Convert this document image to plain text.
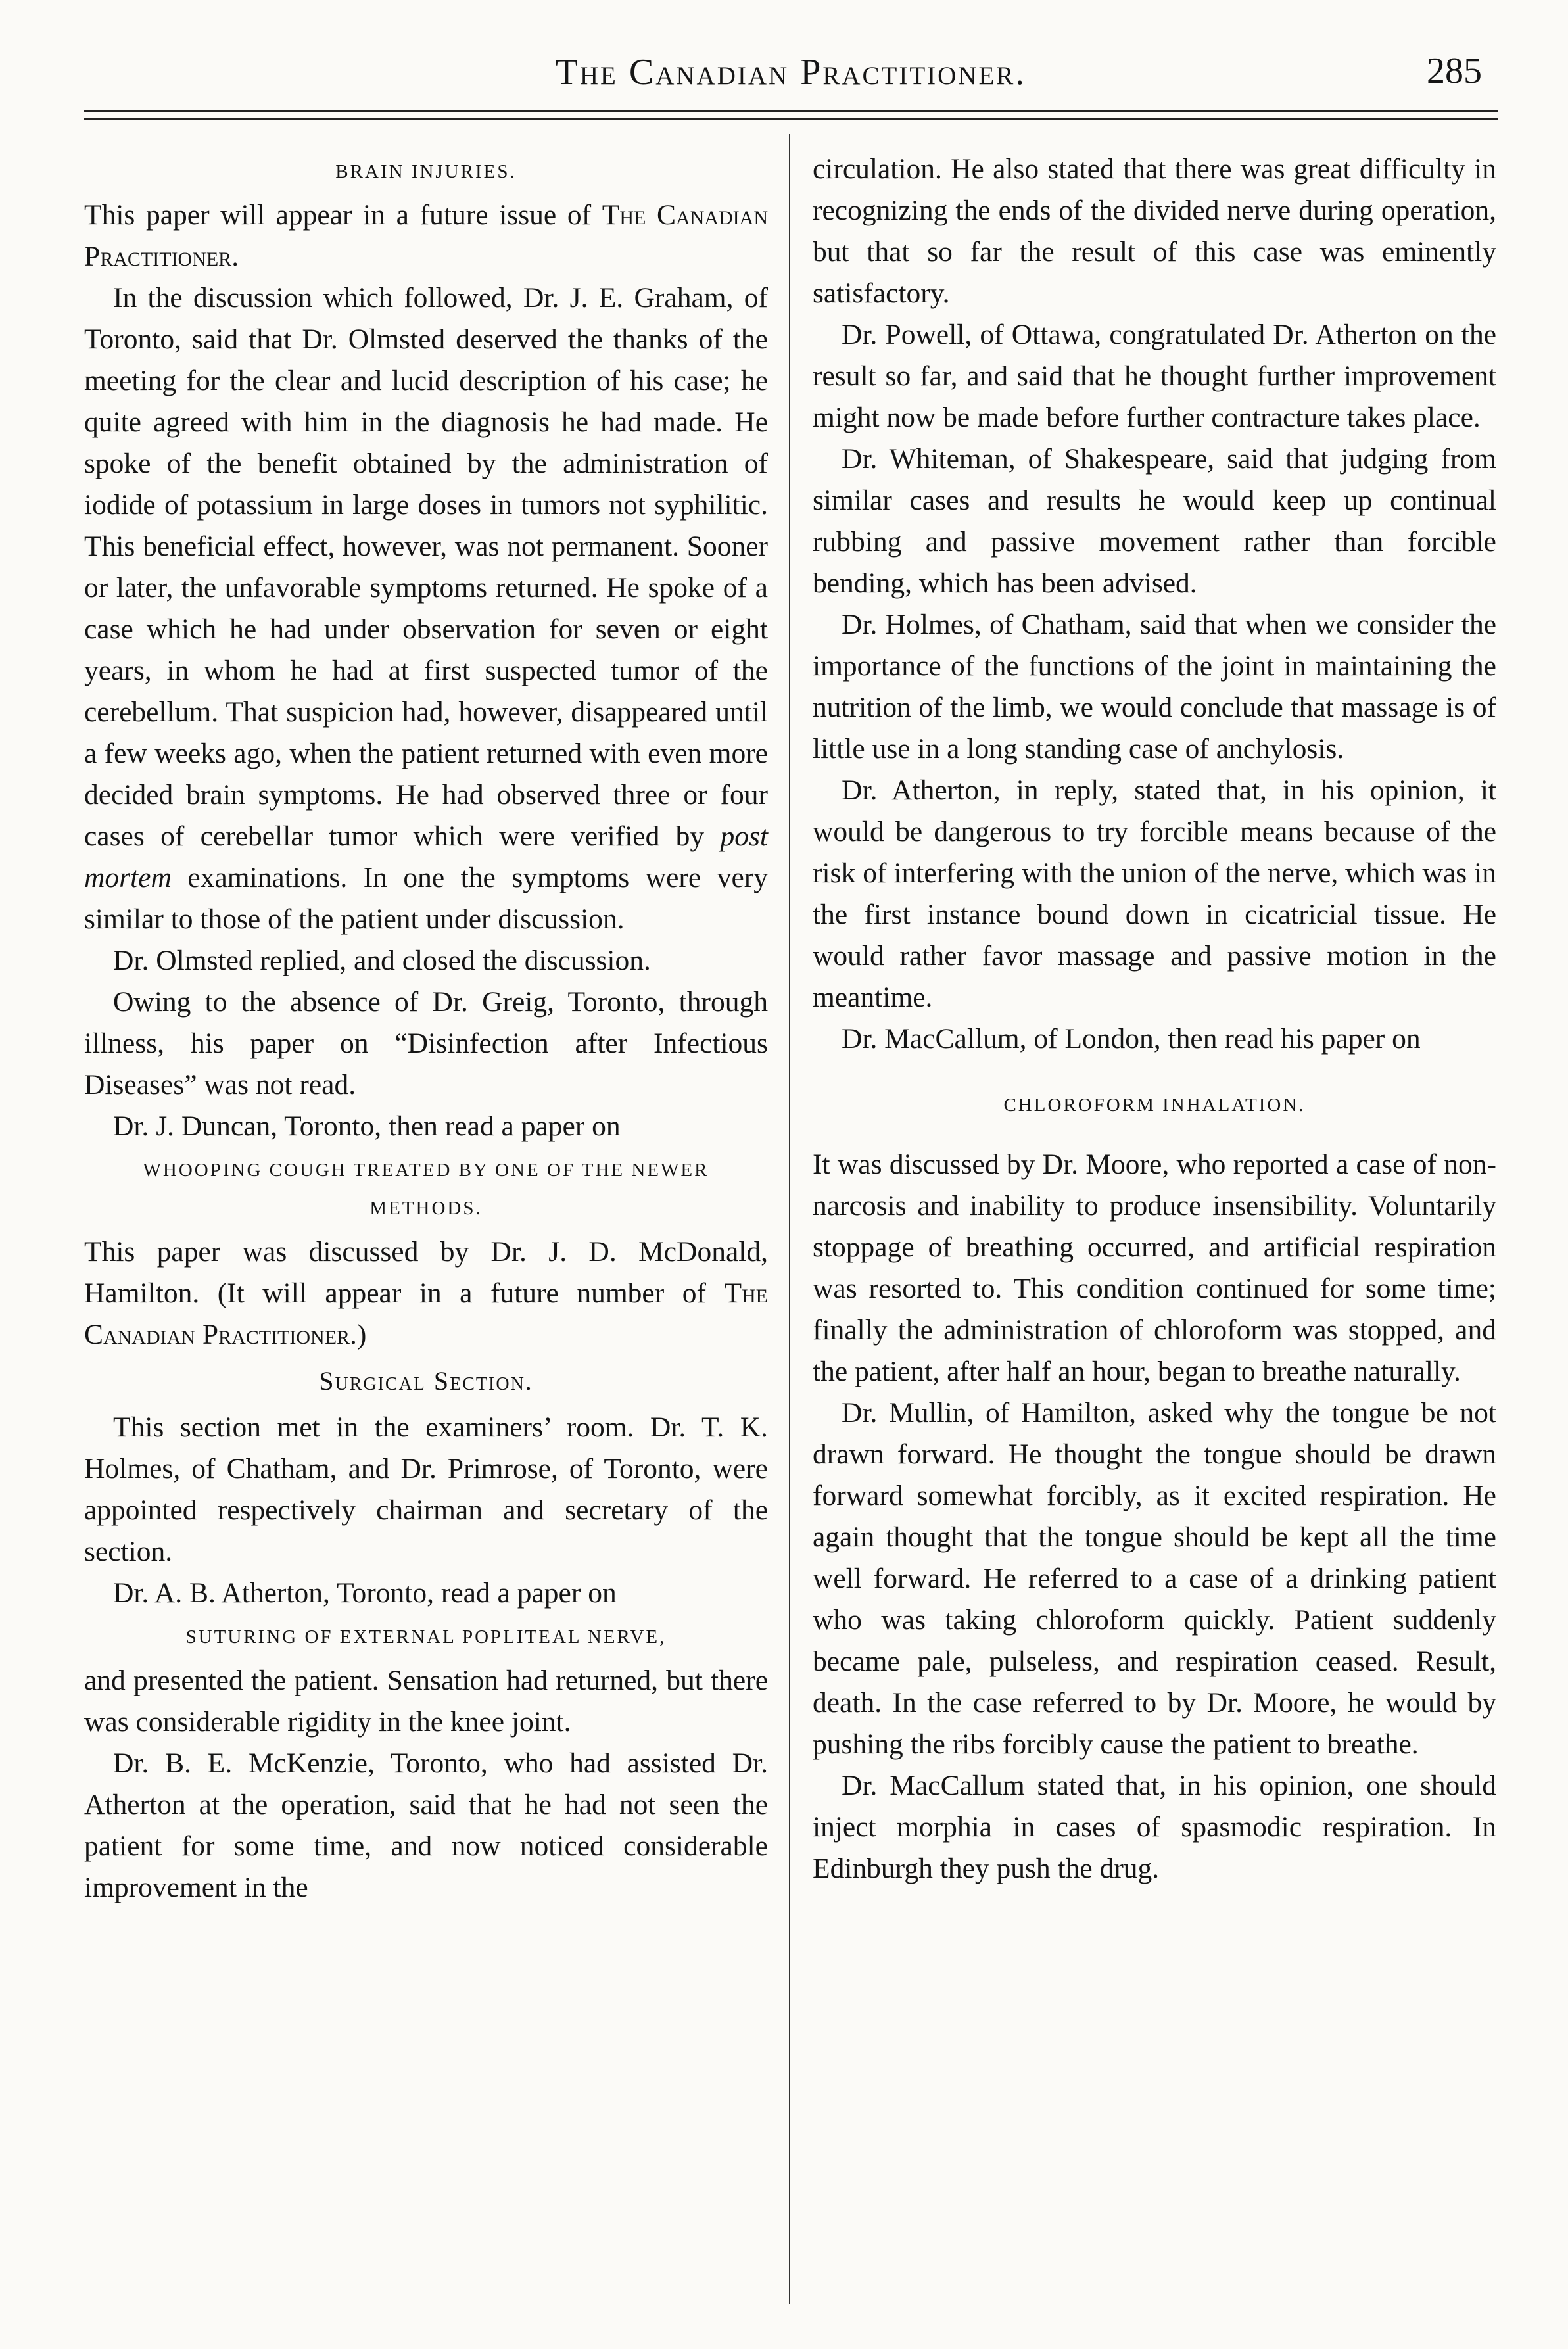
The Canadian Practitioner.	285
BRAIN INJURIES.

This paper will appear in a future issue of The Canadian Practitioner.

In the discussion which followed, Dr. J. E. Graham, of Toronto, said that Dr. Olmsted deserved the thanks of the meeting for the clear and lucid description of his case; he quite agreed with him in the diagnosis he had made. He spoke of the benefit obtained by the administration of iodide of potassium in large doses in tumors not syphilitic. This beneficial effect, however, was not permanent. Sooner or later, the unfavorable symptoms returned. He spoke of a case which he had under observation for seven or eight years, in whom he had at first suspected tumor of the cerebellum. That suspicion had, however, disappeared until a few weeks ago, when the patient returned with even more decided brain symptoms. He had observed three or four cases of cerebellar tumor which were verified by post mortem examinations. In one the symptoms were very similar to those of the patient under discussion.

Dr. Olmsted replied, and closed the discussion.

Owing to the absence of Dr. Greig, Toronto, through illness, his paper on “Disinfection after Infectious Diseases” was not read.

Dr. J. Duncan, Toronto, then read a paper on

WHOOPING COUGH TREATED BY ONE OF THE NEWER METHODS.

This paper was discussed by Dr. J. D. McDonald, Hamilton. (It will appear in a future number of The Canadian Practitioner.)

Surgical Section.

This section met in the examiners’ room. Dr. T. K. Holmes, of Chatham, and Dr. Primrose, of Toronto, were appointed respectively chairman and secretary of the section.

Dr. A. B. Atherton, Toronto, read a paper on

SUTURING OF EXTERNAL POPLITEAL NERVE,

and presented the patient. Sensation had returned, but there was considerable rigidity in the knee joint.

Dr. B. E. McKenzie, Toronto, who had assisted Dr. Atherton at the operation, said that he had not seen the patient for some time, and now noticed considerable improvement in the

circulation. He also stated that there was great difficulty in recognizing the ends of the divided nerve during operation, but that so far the result of this case was eminently satisfactory.

Dr. Powell, of Ottawa, congratulated Dr. Atherton on the result so far, and said that he thought further improvement might now be made before further contracture takes place.

Dr. Whiteman, of Shakespeare, said that judging from similar cases and results he would keep up continual rubbing and passive movement rather than forcible bending, which has been advised.

Dr. Holmes, of Chatham, said that when we consider the importance of the functions of the joint in maintaining the nutrition of the limb, we would conclude that massage is of little use in a long standing case of anchylosis.

Dr. Atherton, in reply, stated that, in his opinion, it would be dangerous to try forcible means because of the risk of interfering with the union of the nerve, which was in the first instance bound down in cicatricial tissue. He would rather favor massage and passive motion in the meantime.

Dr. MacCallum, of London, then read his paper on

CHLOROFORM INHALATION.

It was discussed by Dr. Moore, who reported a case of non-narcosis and inability to produce insensibility. Voluntarily stoppage of breathing occurred, and artificial respiration was resorted to. This condition continued for some time; finally the administration of chloroform was stopped, and the patient, after half an hour, began to breathe naturally.

Dr. Mullin, of Hamilton, asked why the tongue be not drawn forward. He thought the tongue should be drawn forward somewhat forcibly, as it excited respiration. He again thought that the tongue should be kept all the time well forward. He referred to a case of a drinking patient who was taking chloroform quickly. Patient suddenly became pale, pulseless, and respiration ceased. Result, death. In the case referred to by Dr. Moore, he would by pushing the ribs forcibly cause the patient to breathe.

Dr. MacCallum stated that, in his opinion, one should inject morphia in cases of spasmodic respiration. In Edinburgh they push the drug.
